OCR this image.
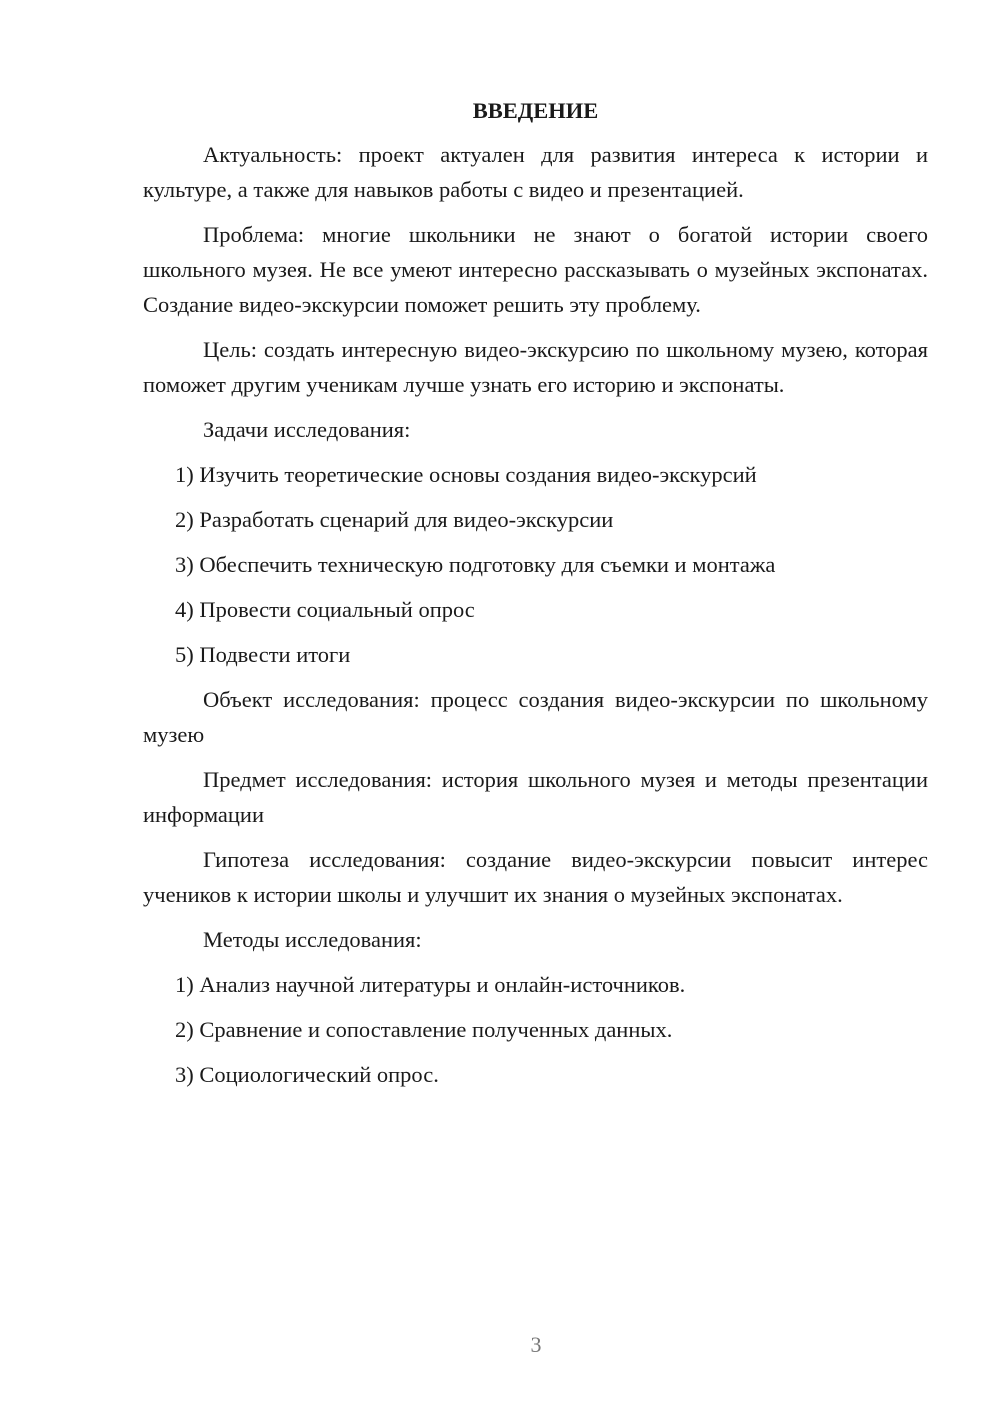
ВВЕДЕНИЕ

Актуальность: проект актуален для развития интереса к истории и культуре, а также для навыков работы с видео и презентацией.

Проблема: многие школьники не знают о богатой истории своего школьного музея. Не все умеют интересно рассказывать о музейных экспонатах. Создание видео-экскурсии поможет решить эту проблему.

Цель: создать интересную видео-экскурсию по школьному музею, которая поможет другим ученикам лучше узнать его историю и экспонаты.

Задачи исследования:

1) Изучить теоретические основы создания видео-экскурсий
2) Разработать сценарий для видео-экскурсии
3) Обеспечить техническую подготовку для съемки и монтажа
4) Провести социальный опрос
5) Подвести итоги

Объект исследования: процесс создания видео-экскурсии по школьному музею

Предмет исследования: история школьного музея и методы презентации информации

Гипотеза исследования: создание видео-экскурсии повысит интерес учеников к истории школы и улучшит их знания о музейных экспонатах.

Методы исследования:

1) Анализ научной литературы и онлайн-источников.
2) Сравнение и сопоставление полученных данных.
3) Социологический опрос.
3
